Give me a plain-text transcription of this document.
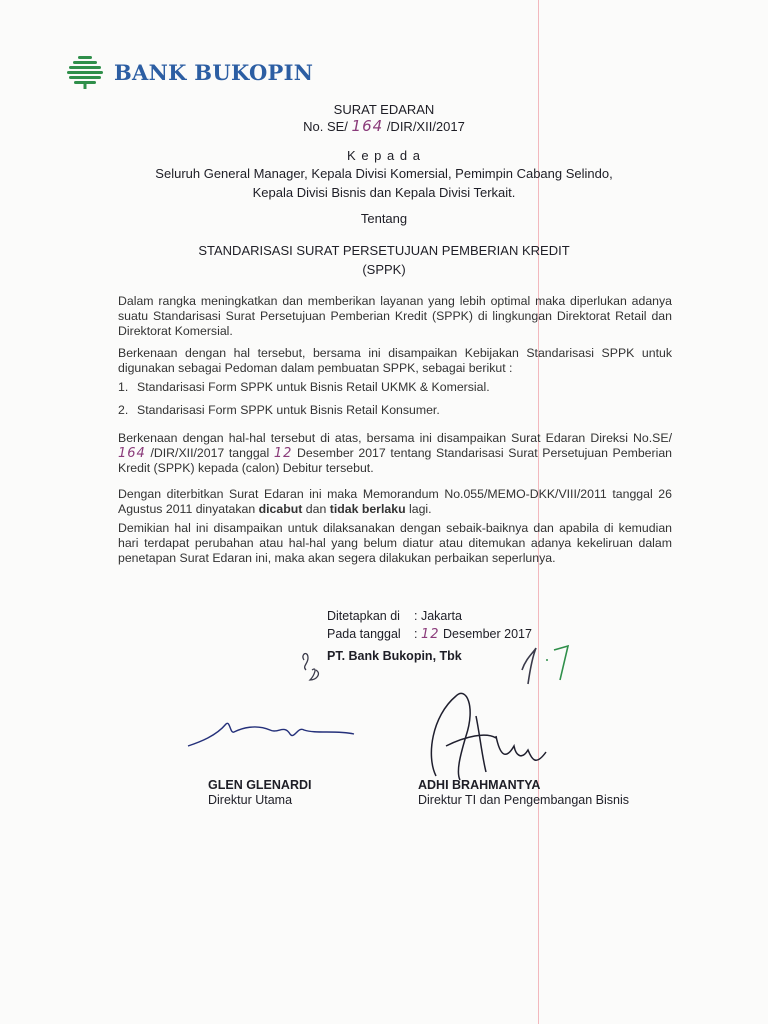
BANK BUKOPIN
SURAT EDARAN
No. SE/ 164 /DIR/XII/2017
K e p a d a
Seluruh General Manager, Kepala Divisi Komersial, Pemimpin Cabang Selindo,
Kepala Divisi Bisnis dan Kepala Divisi Terkait.
Tentang
STANDARISASI SURAT PERSETUJUAN PEMBERIAN KREDIT
(SPPK)
Dalam rangka meningkatkan dan memberikan layanan yang lebih optimal maka diperlukan adanya suatu Standarisasi Surat Persetujuan Pemberian Kredit (SPPK) di lingkungan Direktorat Retail dan Direktorat Komersial.
Berkenaan dengan hal tersebut, bersama ini disampaikan Kebijakan Standarisasi SPPK untuk digunakan sebagai Pedoman dalam pembuatan SPPK, sebagai berikut :
1. Standarisasi Form SPPK untuk Bisnis Retail UKMK & Komersial.
2. Standarisasi Form SPPK untuk Bisnis Retail Konsumer.
Berkenaan dengan hal-hal tersebut di atas, bersama ini disampaikan Surat Edaran Direksi No.SE/ 164 /DIR/XII/2017 tanggal 12 Desember 2017 tentang Standarisasi Surat Persetujuan Pemberian Kredit (SPPK) kepada (calon) Debitur tersebut.
Dengan diterbitkan Surat Edaran ini maka Memorandum No.055/MEMO-DKK/VIII/2011 tanggal 26 Agustus 2011 dinyatakan dicabut dan tidak berlaku lagi.
Demikian hal ini disampaikan untuk dilaksanakan dengan sebaik-baiknya dan apabila di kemudian hari terdapat perubahan atau hal-hal yang belum diatur atau ditemukan adanya kekeliruan dalam penetapan Surat Edaran ini, maka akan segera dilakukan perbaikan seperlunya.
Ditetapkan di : Jakarta
Pada tanggal : 12 Desember 2017
PT. Bank Bukopin, Tbk
GLEN GLENARDI
Direktur Utama
ADHI BRAHMANTYA
Direktur TI dan Pengembangan Bisnis
